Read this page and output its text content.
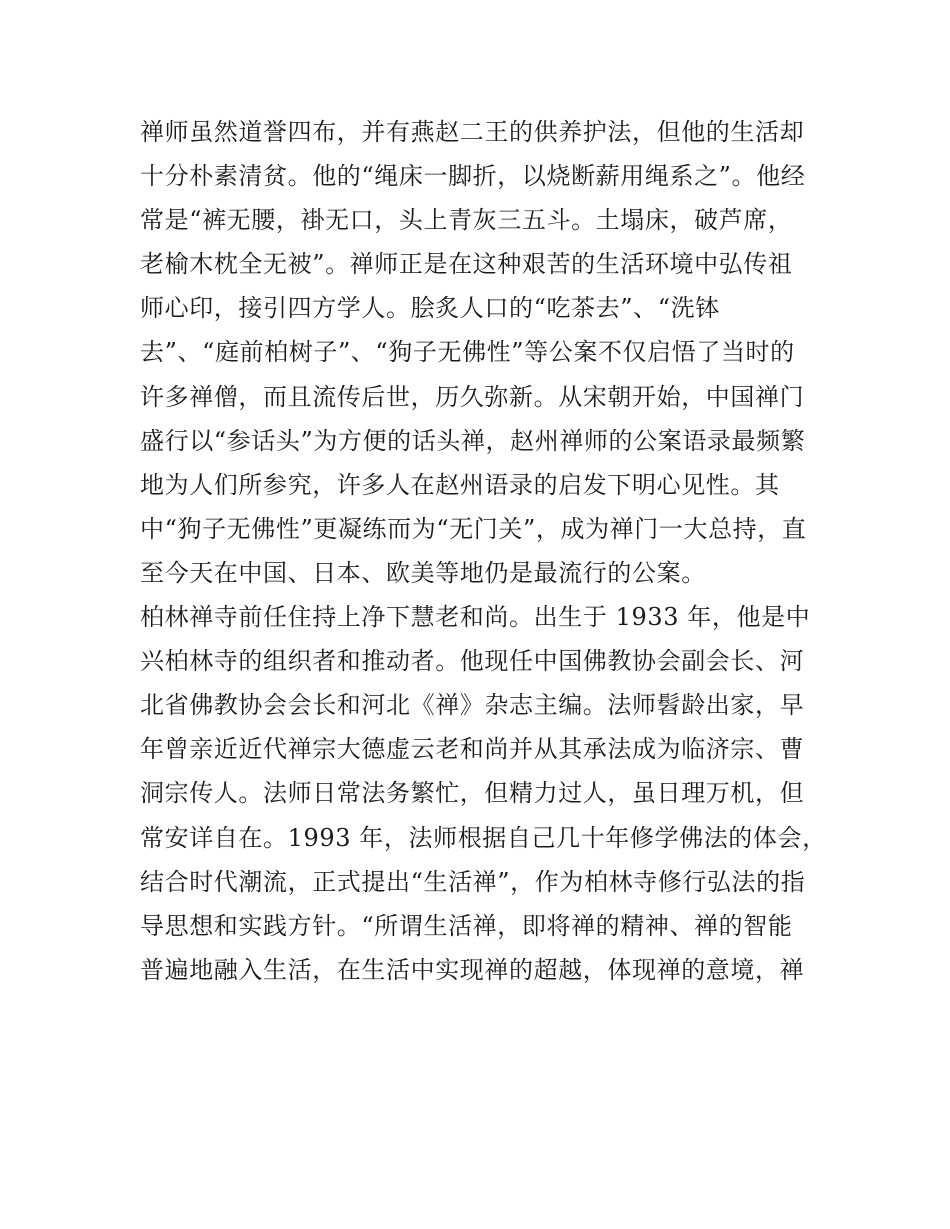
禅师虽然道誉四布，并有燕赵二王的供养护法，但他的生活却
十分朴素清贫。他的“绳床一脚折，以烧断薪用绳系之”。他经
常是“裤无腰，褂无口，头上青灰三五斗。土塌床，破芦席，
老榆木枕全无被”。禅师正是在这种艰苦的生活环境中弘传祖
师心印，接引四方学人。脍炙人口的“吃茶去”、“洗钵
去”、“庭前柏树子”、“狗子无佛性”等公案不仅启悟了当时的
许多禅僧，而且流传后世，历久弥新。从宋朝开始，中国禅门
盛行以“参话头”为方便的话头禅，赵州禅师的公案语录最频繁
地为人们所参究，许多人在赵州语录的启发下明心见性。其
中“狗子无佛性”更凝练而为“无门关”，成为禅门一大总持，直
至今天在中国、日本、欧美等地仍是最流行的公案。
柏林禅寺前任住持上净下慧老和尚。出生于 1933 年，他是中
兴柏林寺的组织者和推动者。他现任中国佛教协会副会长、河
北省佛教协会会长和河北《禅》杂志主编。法师髫龄出家，早
年曾亲近近代禅宗大德虚云老和尚并从其承法成为临济宗、曹
洞宗传人。法师日常法务繁忙，但精力过人，虽日理万机，但
常安详自在。1993 年，法师根据自己几十年修学佛法的体会，
结合时代潮流，正式提出“生活禅”，作为柏林寺修行弘法的指
导思想和实践方针。“所谓生活禅，即将禅的精神、禅的智能
普遍地融入生活，在生活中实现禅的超越，体现禅的意境，禅
